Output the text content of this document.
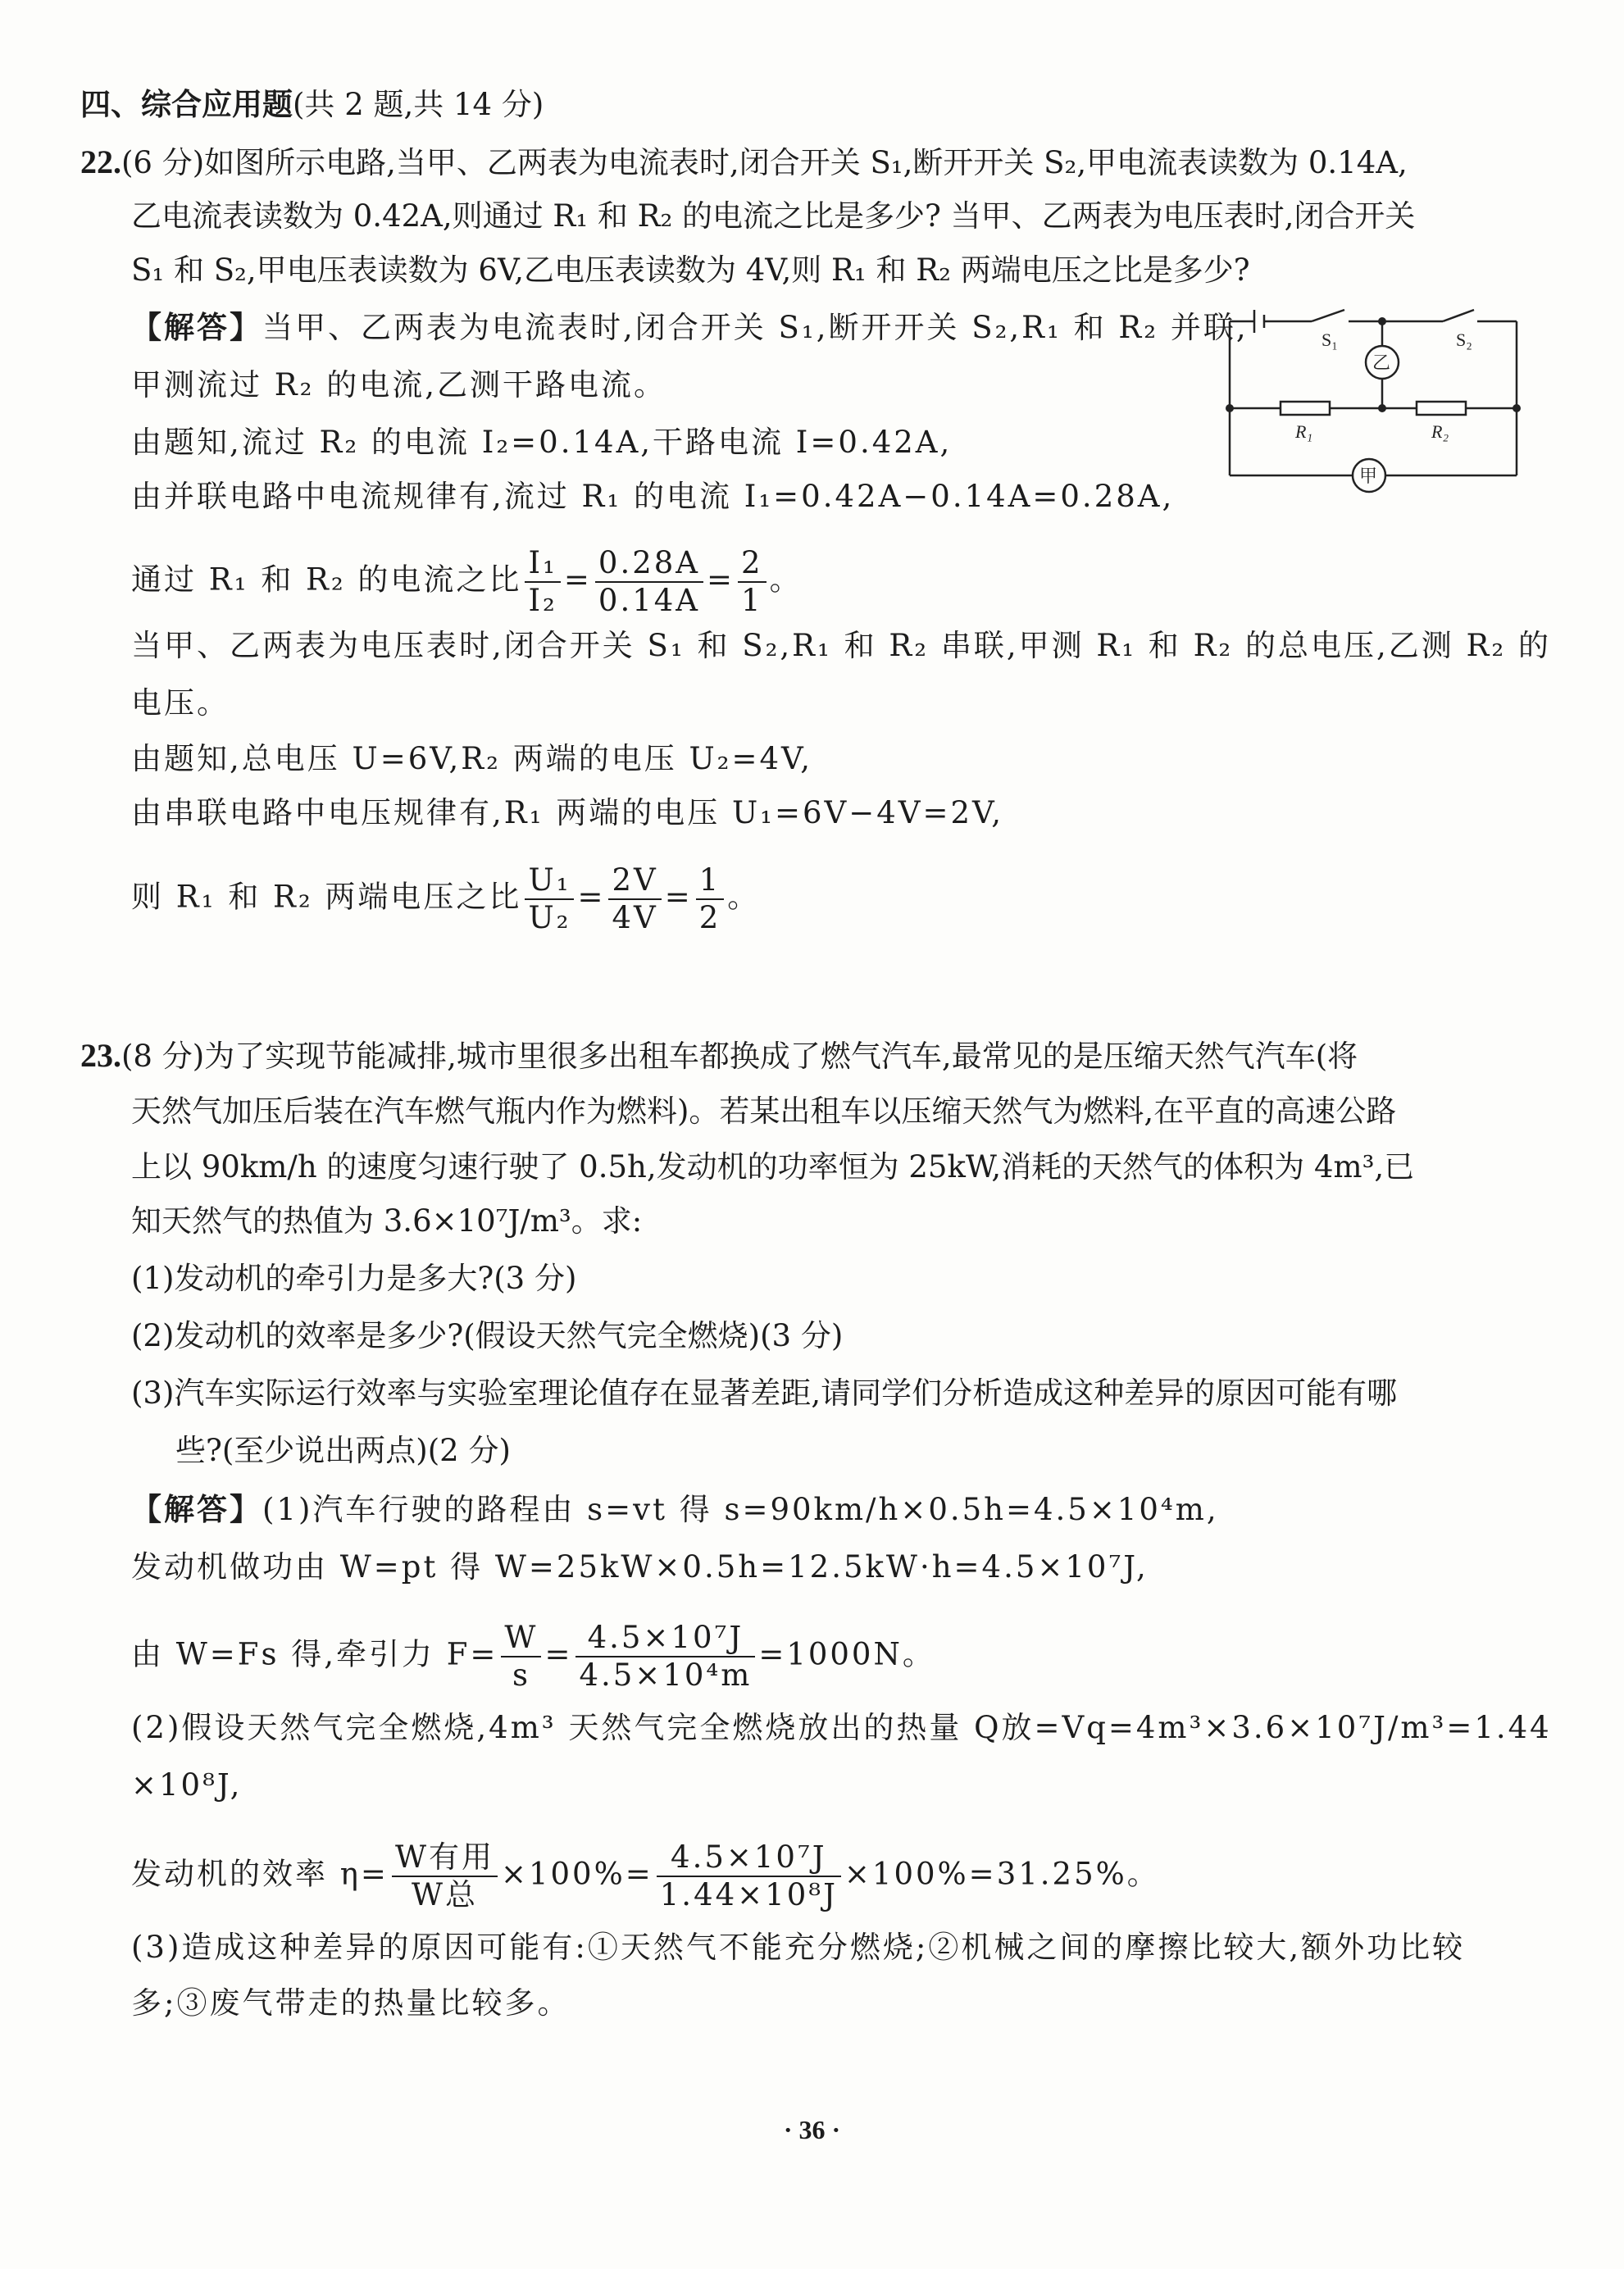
四、综合应用题(共 2 题,共 14 分)
22.(6 分)如图所示电路,当甲、乙两表为电流表时,闭合开关 S₁,断开开关 S₂,甲电流表读数为 0.14A,
乙电流表读数为 0.42A,则通过 R₁ 和 R₂ 的电流之比是多少? 当甲、乙两表为电压表时,闭合开关
S₁ 和 S₂,甲电压表读数为 6V,乙电压表读数为 4V,则 R₁ 和 R₂ 两端电压之比是多少?
【解答】当甲、乙两表为电流表时,闭合开关 S₁,断开开关 S₂,R₁ 和 R₂ 并联,
甲测流过 R₂ 的电流,乙测干路电流。
由题知,流过 R₂ 的电流 I₂=0.14A,干路电流 I=0.42A,
由并联电路中电流规律有,流过 R₁ 的电流 I₁=0.42A−0.14A=0.28A,
通过 R₁ 和 R₂ 的电流之比 $\frac{\text{I₁}}{\text{I₂}} = \frac{0.28A}{0.14A} = \frac{2}{1}$ 。
当甲、乙两表为电压表时,闭合开关 S₁ 和 S₂,R₁ 和 R₂ 串联,甲测 R₁ 和 R₂ 的总电压,乙测 R₂ 的
电压。
由题知,总电压 U=6V,R₂ 两端的电压 U₂=4V,
由串联电路中电压规律有,R₁ 两端的电压 U₁=6V−4V=2V,
则 R₁ 和 R₂ 两端电压之比 $\frac{\text{U₁}}{\text{U₂}} = \frac{2V}{4V} = \frac{1}{2}$ 。
S₁	S₂
R₁	R₂
乙
甲
23.(8 分)为了实现节能减排,城市里很多出租车都换成了燃气汽车,最常见的是压缩天然气汽车(将
天然气加压后装在汽车燃气瓶内作为燃料)。若某出租车以压缩天然气为燃料,在平直的高速公路
上以 90km/h 的速度匀速行驶了 0.5h,发动机的功率恒为 25kW,消耗的天然气的体积为 4m³,已
知天然气的热值为 3.6×10⁷J/m³。求:
(1)发动机的牵引力是多大?(3 分)
(2)发动机的效率是多少?(假设天然气完全燃烧)(3 分)
(3)汽车实际运行效率与实验室理论值存在显著差距,请同学们分析造成这种差异的原因可能有哪
些?(至少说出两点)(2 分)
【解答】(1)汽车行驶的路程由 s=vt 得 s=90km/h×0.5h=4.5×10⁴m,
发动机做功由 W=pt 得 W=25kW×0.5h=12.5kW·h=4.5×10⁷J,
由 W=Fs 得,牵引力 $F= \frac{W}{s} = \frac{\text{4.5×10⁷J}}{\text{4.5×10⁴m}} =1000N$。
(2)假设天然气完全燃烧,4m³ 天然气完全燃烧放出的热量 Q放=Vq=4m³×3.6×10⁷J/m³=1.44
×10⁸J,
发动机的效率 $\eta= \frac{\text{W有用}}{\text{W总}} \times 100\%= \frac{\text{4.5×10⁷J}}{\text{1.44×10⁸J}} \times 100\%=31.25\%$。
(3)造成这种差异的原因可能有:①天然气不能充分燃烧;②机械之间的摩擦比较大,额外功比较
多;③废气带走的热量比较多。
· 36 ·
